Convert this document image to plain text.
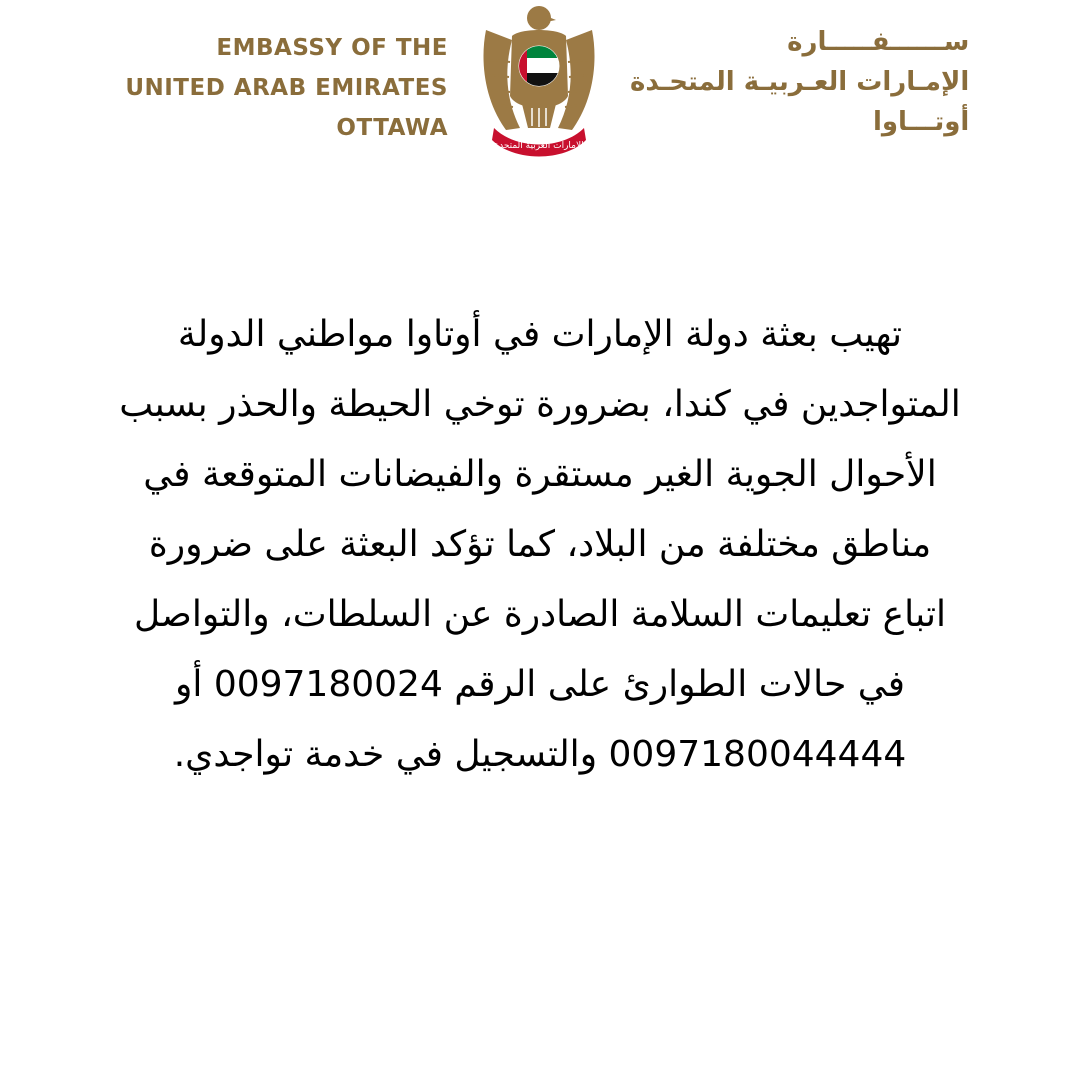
EMBASSY OF THE
UNITED ARAB EMIRATES
OTTAWA
الإمارات العربية المتحدة
ســــــفـــــارة
الإمـارات العـربيـة المتحـدة
أوتـــاوا
تهيب بعثة دولة الإمارات في أوتاوا مواطني الدولة
المتواجدين في كندا، بضرورة توخي الحيطة والحذر بسبب
الأحوال الجوية الغير مستقرة والفيضانات المتوقعة في
مناطق مختلفة من البلاد، كما تؤكد البعثة على ضرورة
اتباع تعليمات السلامة الصادرة عن السلطات، والتواصل
في حالات الطوارئ على الرقم 0097180024 أو
0097180044444 والتسجيل في خدمة تواجدي.
